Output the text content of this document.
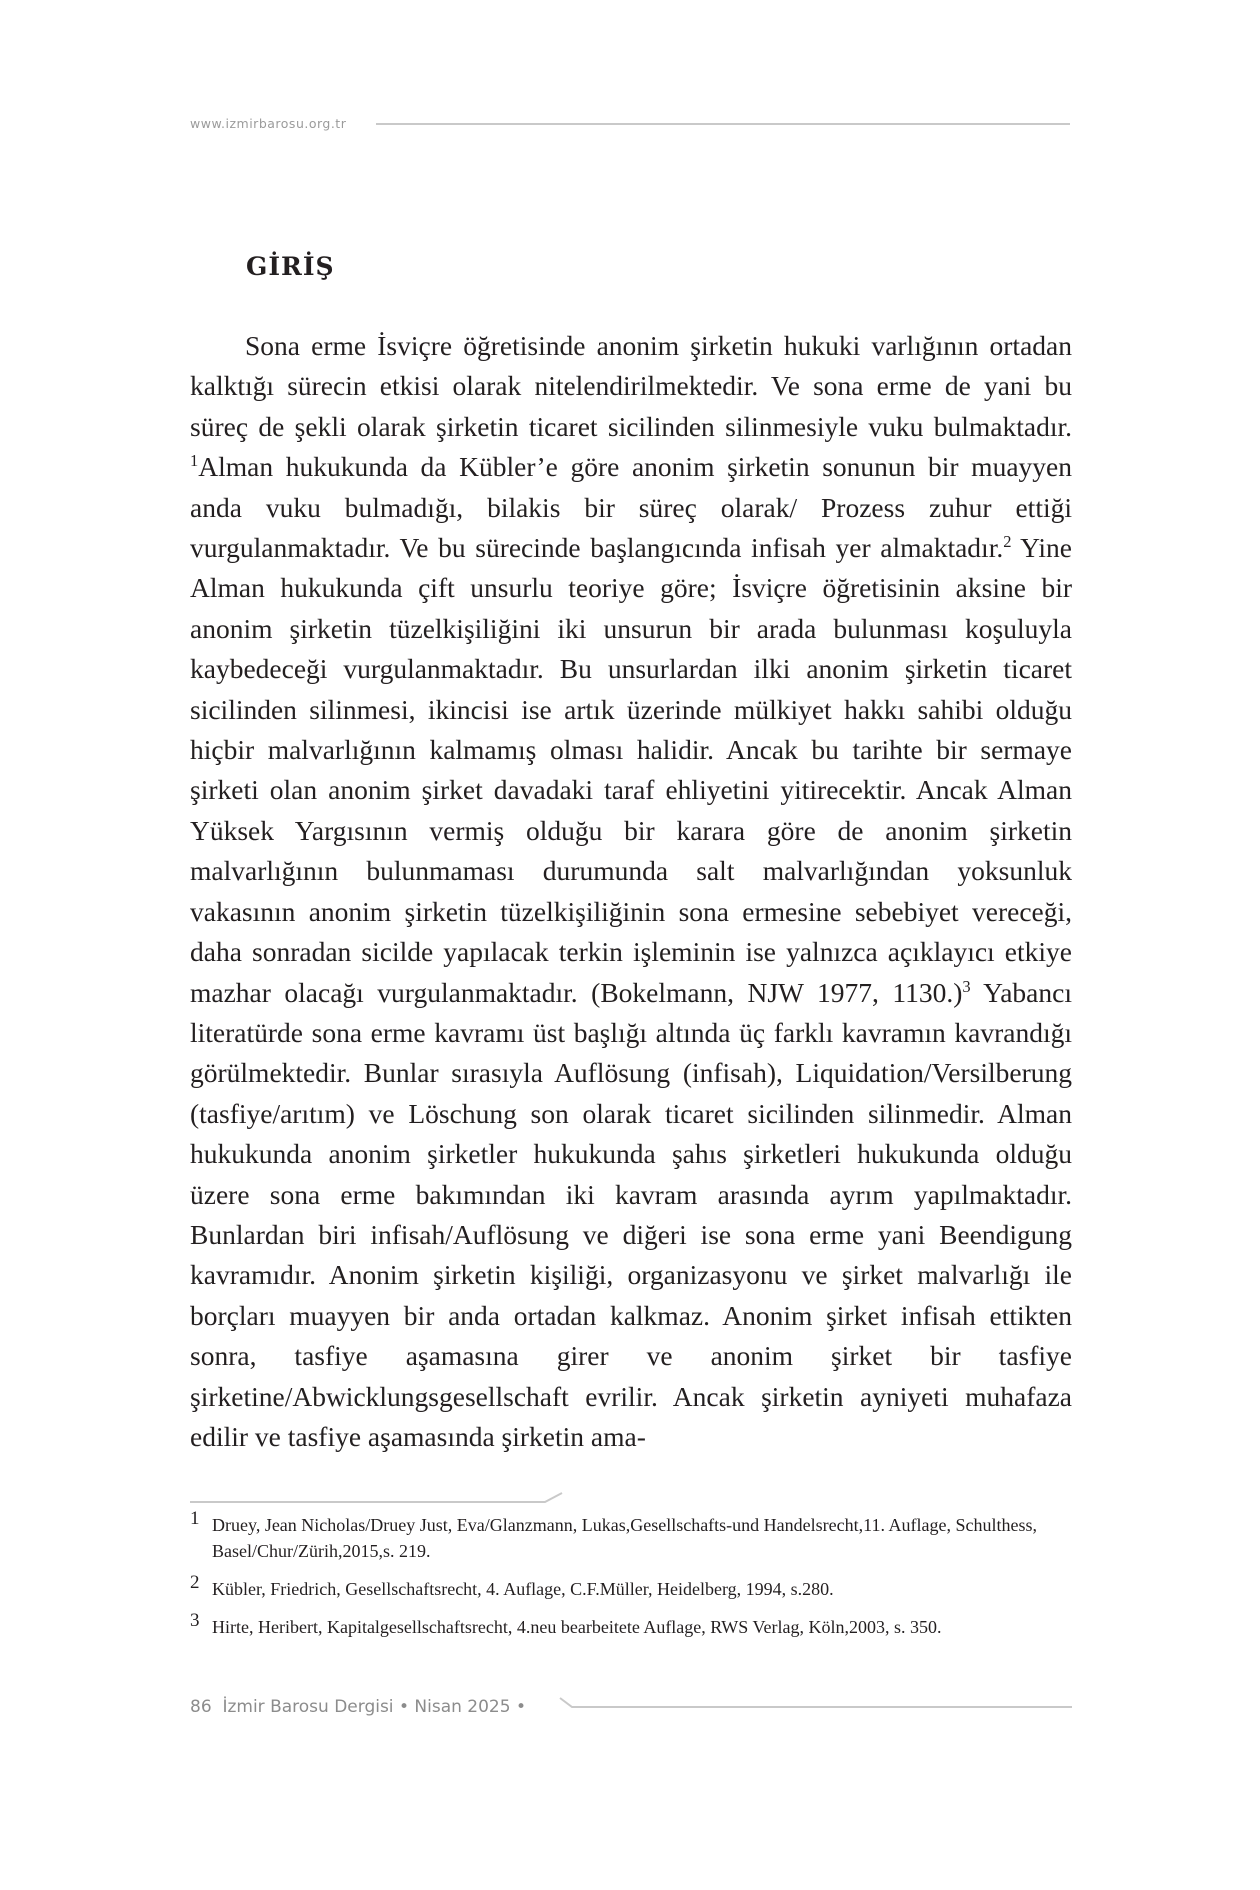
www.izmirbarosu.org.tr
GİRİŞ

Sona erme İsviçre öğretisinde anonim şirketin hukuki varlığının ortadan kalktığı sürecin etkisi olarak nitelendirilmektedir. Ve sona erme de yani bu süreç de şekli olarak şirketin ticaret sicilinden silinmesiyle vuku bulmaktadır. $^1$Alman hukukunda da Kübler’e göre anonim şirketin sonunun bir muayyen anda vuku bulmadığı, bilakis bir süreç olarak/ Prozess zuhur ettiği vurgulanmaktadır. Ve bu sürecinde başlangıcında infisah yer almaktadır.$^2$ Yine Alman hukukunda çift unsurlu teoriye göre; İsviçre öğretisinin aksine bir anonim şirketin tüzelkişiliğini iki unsurun bir arada bulunması koşuluyla kaybedeceği vurgulanmaktadır. Bu unsurlardan ilki anonim şirketin ticaret sicilinden silinmesi, ikincisi ise artık üzerinde mülkiyet hakkı sahibi olduğu hiçbir malvarlığının kalmamış olması halidir. Ancak bu tarihte bir sermaye şirketi olan anonim şirket davadaki taraf ehliyetini yitirecektir. Ancak Alman Yüksek Yargısının vermiş olduğu bir karara göre de anonim şirketin malvarlığının bulunmaması durumunda salt malvarlığından yoksunluk vakasının anonim şirketin tüzelkişiliğinin sona ermesine sebebiyet vereceği, daha sonradan sicilde yapılacak terkin işleminin ise yalnızca açıklayıcı etkiye mazhar olacağı vurgulanmaktadır. (Bokelmann, NJW 1977, 1130.)$^3$ Yabancı literatürde sona erme kavramı üst başlığı altında üç farklı kavramın kavrandığı görülmektedir. Bunlar sırasıyla Auflösung (infisah), Liquidation/Versilberung (tasfiye/arıtım) ve Löschung son olarak ticaret sicilinden silinmedir. Alman hukukunda anonim şirketler hukukunda şahıs şirketleri hukukunda olduğu üzere sona erme bakımından iki kavram arasında ayrım yapılmaktadır. Bunlardan biri infisah/Auflösung ve diğeri ise sona erme yani Beendigung kavramıdır. Anonim şirketin kişiliği, organizasyonu ve şirket malvarlığı ile borçları muayyen bir anda ortadan kalkmaz. Anonim şirket infisah ettikten sonra, tasfiye aşamasına girer ve anonim şirket bir tasfiye şirketine/Abwicklungsgesellschaft evrilir. Ancak şirketin ayniyeti muhafaza edilir ve tasfiye aşamasında şirketin ama-

1 Druey, Jean Nicholas/Druey Just, Eva/Glanzmann, Lukas,Gesellschafts-und Handelsrecht,11. Auflage, Schulthess, Basel/Chur/Zürih,2015,s. 219.
2 Kübler, Friedrich, Gesellschaftsrecht, 4. Auflage, C.F.Müller, Heidelberg, 1994, s.280.
3 Hirte, Heribert, Kapitalgesellschaftsrecht, 4.neu bearbeitete Auflage, RWS Verlag, Köln,2003, s. 350.
86 İzmir Barosu Dergisi • Nisan 2025 •
